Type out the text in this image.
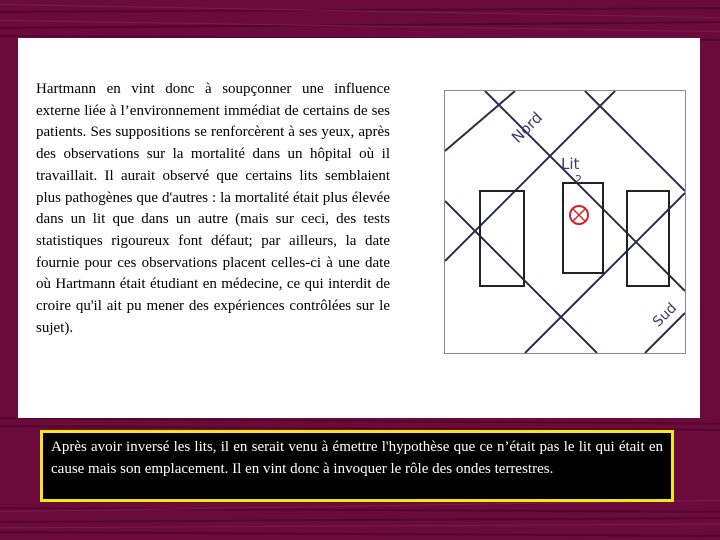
Hartmann en vint donc à soupçonner une influence externe liée à l’environnement immédiat de certains de ses patients. Ses suppositions se renforcèrent à ses yeux, après des observations sur la mortalité dans un hôpital où il travaillait. Il aurait observé que certains lits semblaient plus pathogènes que d'autres : la mortalité était plus élevée dans un lit que dans un autre (mais sur ceci, des tests statistiques rigoureux font défaut; par ailleurs, la date fournie pour ces observations placent celles-ci à une date où Hartmann était étudiant en médecine, ce qui interdit de croire qu'il ait pu mener des expériences contrôlées sur le sujet).

Nord
Lit
2
Sud

Après avoir inversé les lits, il en serait venu à émettre l'hypothèse que ce n’était pas le lit qui était en cause mais son emplacement. Il en vint donc à invoquer le rôle des ondes terrestres.
